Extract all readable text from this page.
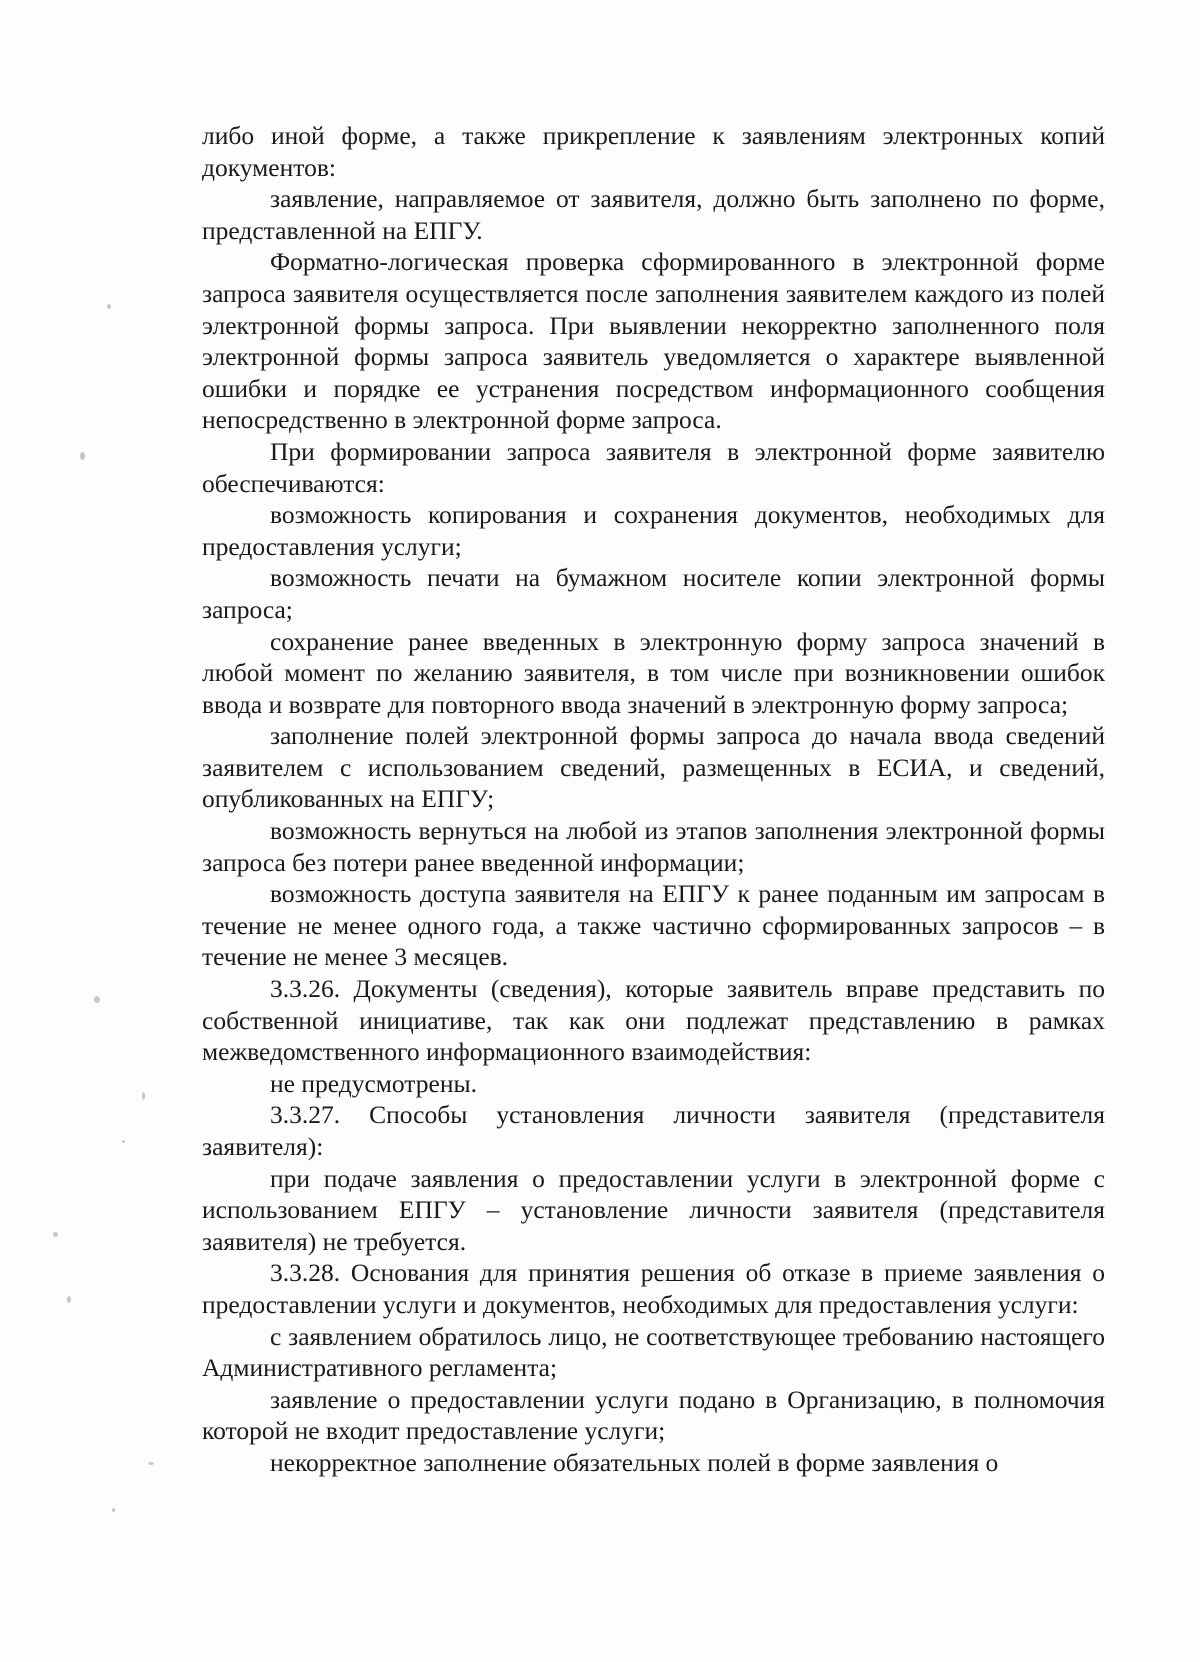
либо иной форме, а также прикрепление к заявлениям электронных копий документов:

заявление, направляемое от заявителя, должно быть заполнено по форме, представленной на ЕПГУ.

Форматно-логическая проверка сформированного в электронной форме запроса заявителя осуществляется после заполнения заявителем каждого из полей электронной формы запроса. При выявлении некорректно заполненного поля электронной формы запроса заявитель уведомляется о характере выявленной ошибки и порядке ее устранения посредством информационного сообщения непосредственно в электронной форме запроса.

При формировании запроса заявителя в электронной форме заявителю обеспечиваются:

возможность копирования и сохранения документов, необходимых для предоставления услуги;

возможность печати на бумажном носителе копии электронной формы запроса;

сохранение ранее введенных в электронную форму запроса значений в любой момент по желанию заявителя, в том числе при возникновении ошибок ввода и возврате для повторного ввода значений в электронную форму запроса;

заполнение полей электронной формы запроса до начала ввода сведений заявителем с использованием сведений, размещенных в ЕСИА, и сведений, опубликованных на ЕПГУ;

возможность вернуться на любой из этапов заполнения электронной формы запроса без потери ранее введенной информации;

возможность доступа заявителя на ЕПГУ к ранее поданным им запросам в течение не менее одного года, а также частично сформированных запросов – в течение не менее 3 месяцев.

3.3.26. Документы (сведения), которые заявитель вправе представить по собственной инициативе, так как они подлежат представлению в рамках межведомственного информационного взаимодействия:

не предусмотрены.

3.3.27. Способы установления личности заявителя (представителя заявителя):

при подаче заявления о предоставлении услуги в электронной форме с использованием ЕПГУ – установление личности заявителя (представителя заявителя) не требуется.

3.3.28. Основания для принятия решения об отказе в приеме заявления о предоставлении услуги и документов, необходимых для предоставления услуги:

с заявлением обратилось лицо, не соответствующее требованию настоящего Административного регламента;

заявление о предоставлении услуги подано в Организацию, в полномочия которой не входит предоставление услуги;

некорректное заполнение обязательных полей в форме заявления о
